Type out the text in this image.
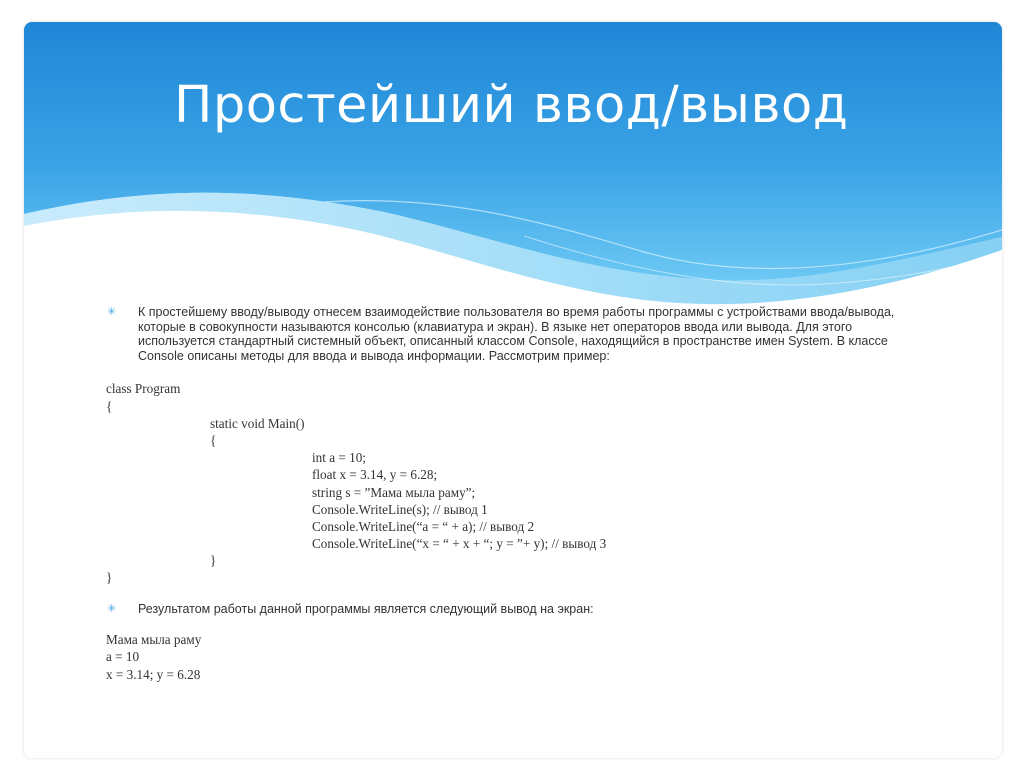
Простейший ввод/вывод
✳ К простейшему вводу/выводу отнесем взаимодействие пользователя во время работы программы с устройствами ввода/вывода, которые в совокупности называются консолью (клавиатура и экран). В языке нет операторов ввода или вывода. Для этого используется стандартный системный объект, описанный классом Console, находящийся в пространстве имен System. В классе Console описаны методы для ввода и вывода информации. Рассмотрим пример:
class Program
{
static void Main()
{
int a = 10;
float x = 3.14, y = 6.28;
string s = ”Мама мыла раму”;
Console.WriteLine(s); // вывод 1
Console.WriteLine(“a = “ + a); // вывод 2
Console.WriteLine(“x = “ + x + “; y = ”+ y); // вывод 3
}
}
✳ Результатом работы данной программы является следующий вывод на экран:
Мама мыла раму
a = 10
x = 3.14; y = 6.28
